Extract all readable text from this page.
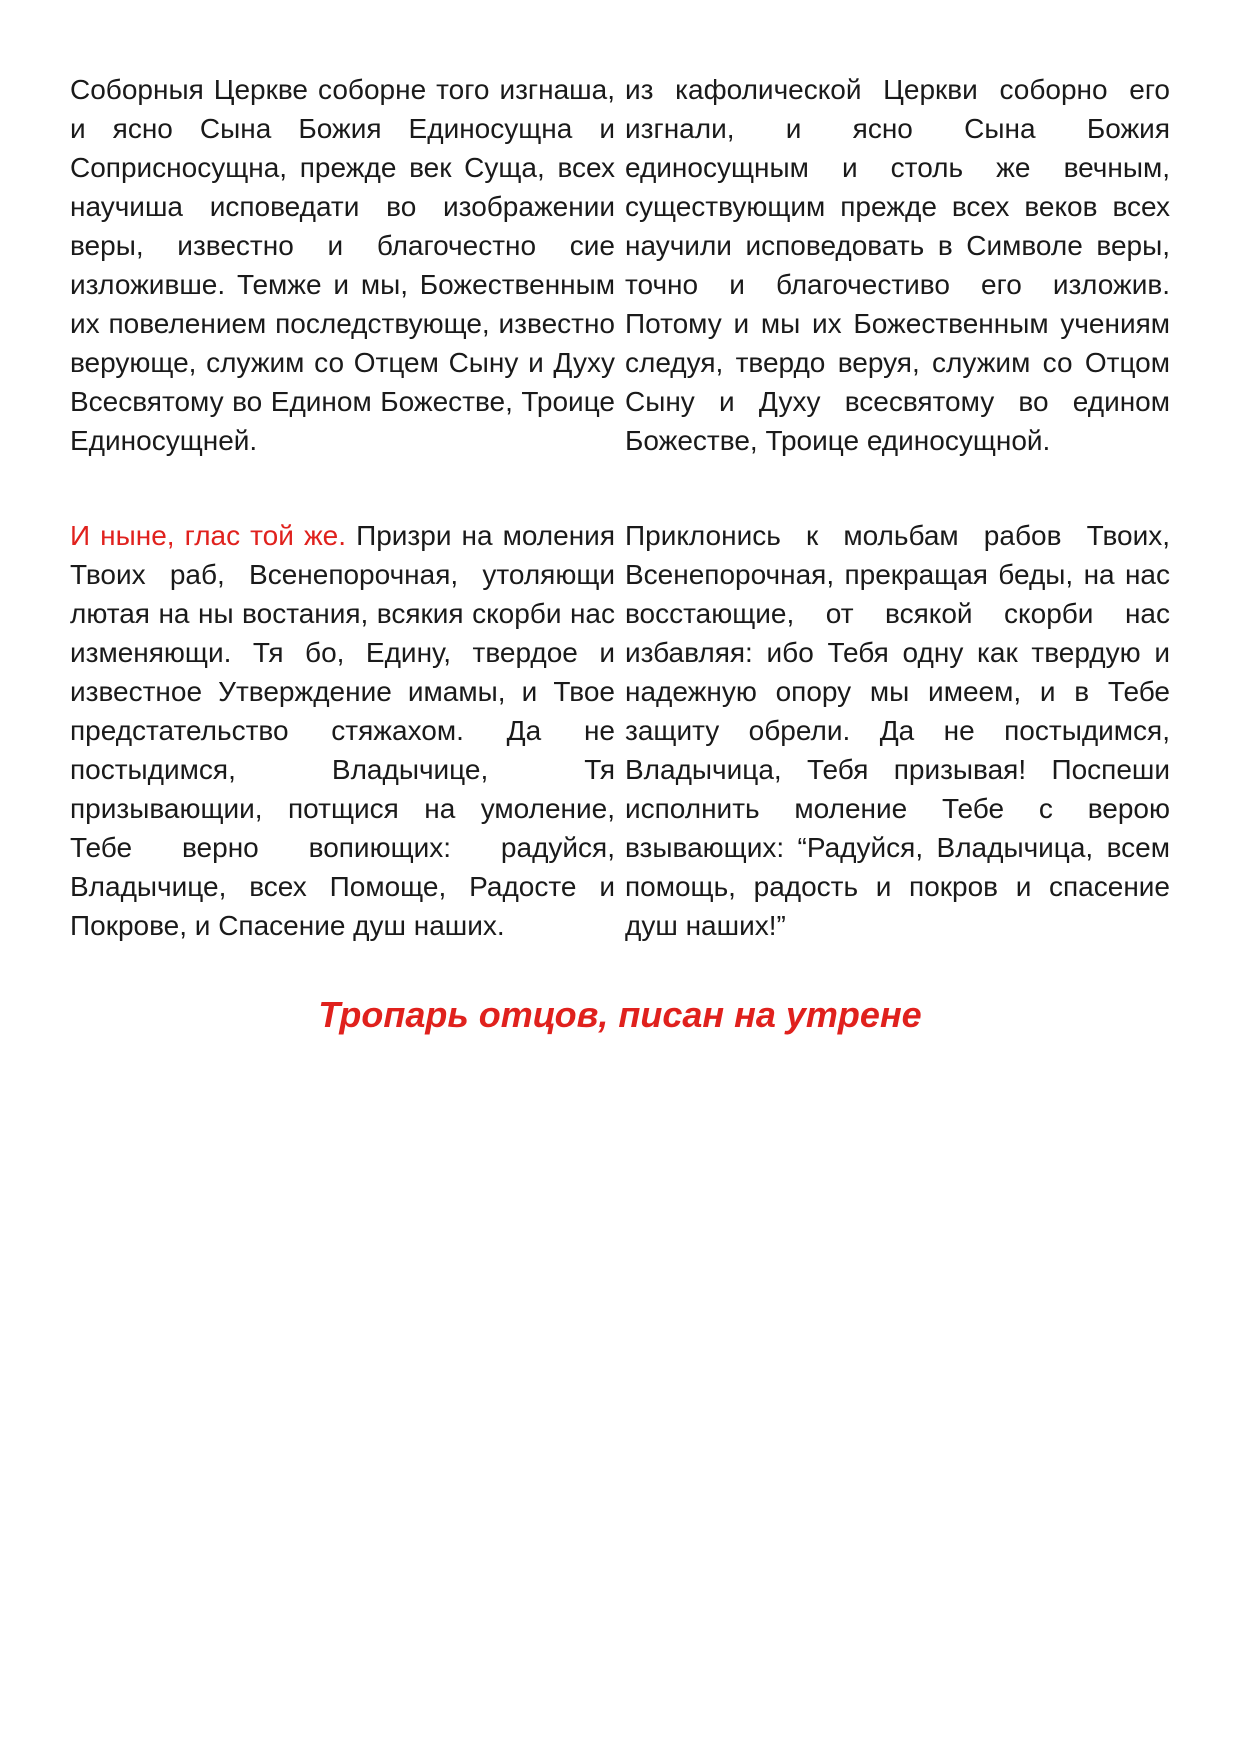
Соборныя Церкве соборне того изгнаша, и ясно Сына Божия Единосущна и Соприсносущна, прежде век Суща, всех научиша исповедати во изображении веры, известно и благочестно сие изложивше. Темже и мы, Божественным их повелением последствующе, известно верующе, служим со Отцем Сыну и Духу Всесвятому во Едином Божестве, Троице Единосущней.
из кафолической Церкви соборно его изгнали, и ясно Сына Божия единосущным и столь же вечным, существующим прежде всех веков всех научили исповедовать в Символе веры, точно и благочестиво его изложив. Потому и мы их Божественным учениям следуя, твердо веруя, служим со Отцом Сыну и Духу всесвятому во едином Божестве, Троице единосущной.
И ныне, глас той же. Призри на моления Твоих раб, Всенепорочная, утоляющи лютая на ны востания, всякия скорби нас изменяющи. Тя бо, Едину, твердое и известное Утверждение имамы, и Твое предстательство стяжахом. Да не постыдимся, Владычице, Тя призывающии, потщися на умоление, Тебе верно вопиющих: радуйся, Владычице, всех Помоще, Радосте и Покрове, и Спасение душ наших.
Приклонись к мольбам рабов Твоих, Всенепорочная, прекращая беды, на нас восстающие, от всякой скорби нас избавляя: ибо Тебя одну как твердую и надежную опору мы имеем, и в Тебе защиту обрели. Да не постыдимся, Владычица, Тебя призывая! Поспеши исполнить моление Тебе с верою взывающих: “Радуйся, Владычица, всем помощь, радость и покров и спасение душ наших!”
Тропарь отцов, писан на утрене
